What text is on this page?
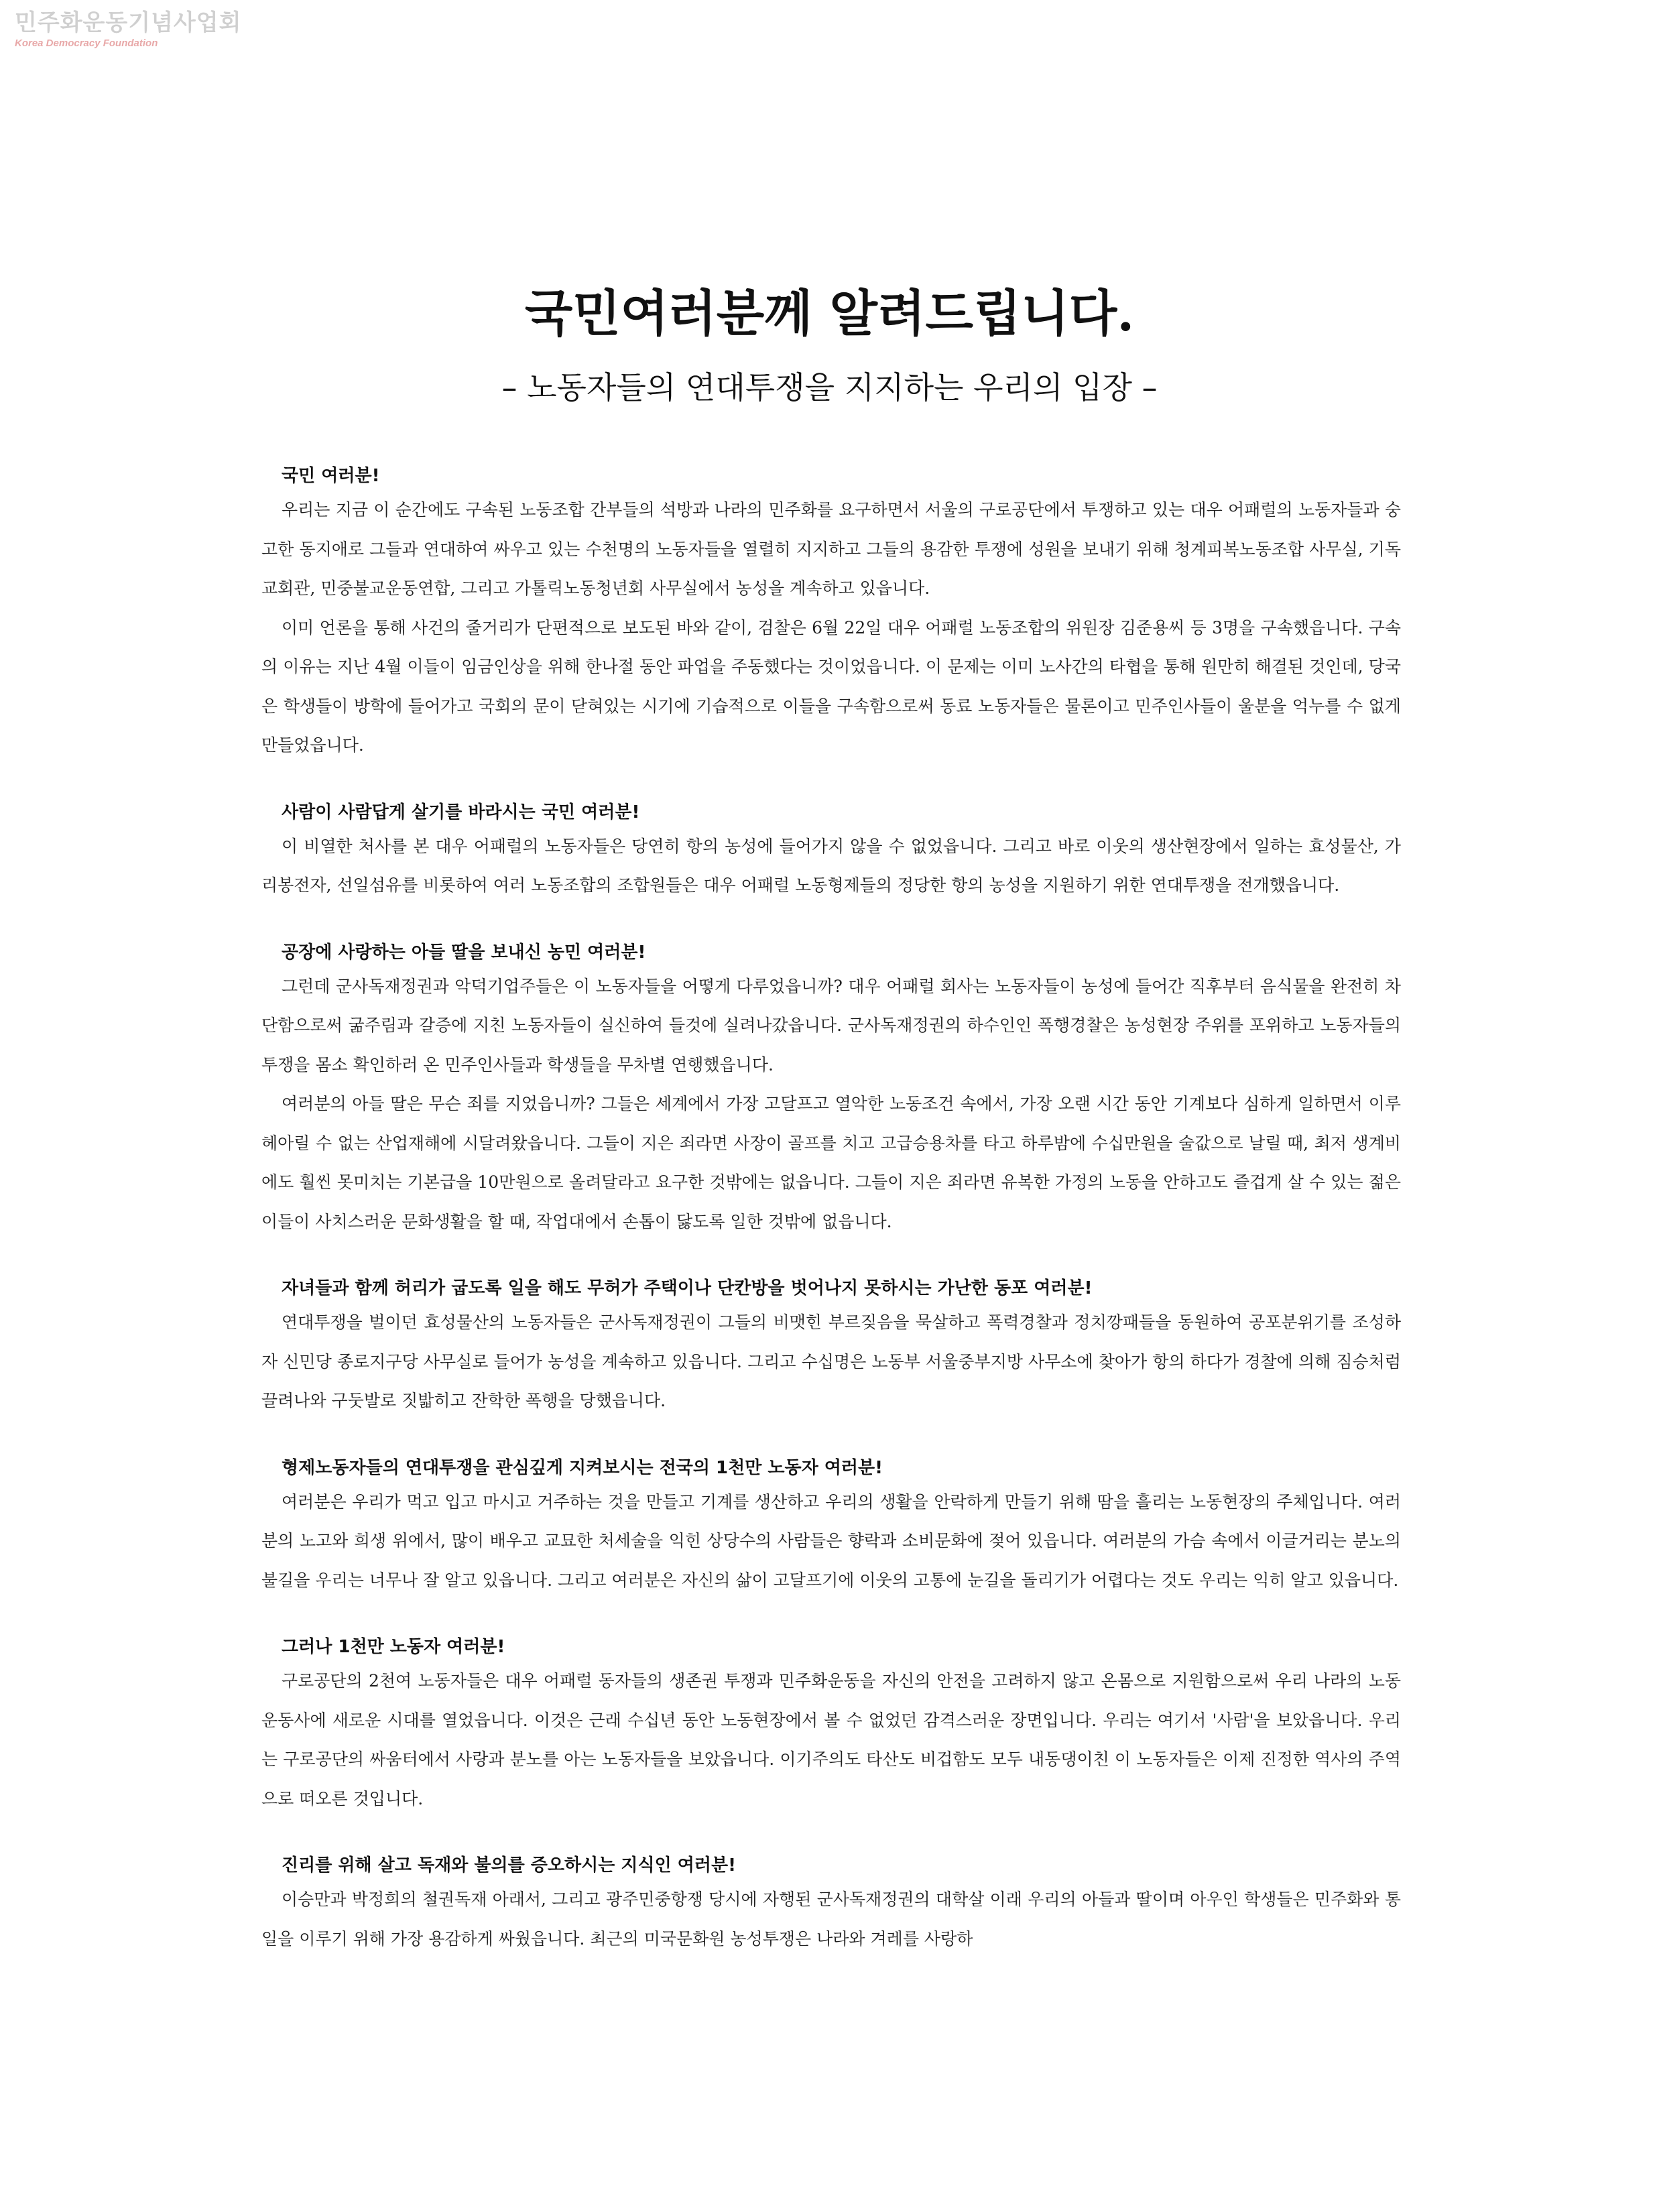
민주화운동기념사업회
Korea Democracy Foundation
국민여러분께 알려드립니다.
– 노동자들의 연대투쟁을 지지하는 우리의 입장 –
국민 여러분!

우리는 지금 이 순간에도 구속된 노동조합 간부들의 석방과 나라의 민주화를 요구하면서 서울의 구로공단에서 투쟁하고 있는 대우 어패럴의 노동자들과 숭고한 동지애로 그들과 연대하여 싸우고 있는 수천명의 노동자들을 열렬히 지지하고 그들의 용감한 투쟁에 성원을 보내기 위해 청계피복노동조합 사무실, 기독교회관, 민중불교운동연합, 그리고 가톨릭노동청년회 사무실에서 농성을 계속하고 있읍니다.

이미 언론을 통해 사건의 줄거리가 단편적으로 보도된 바와 같이, 검찰은 6월 22일 대우 어패럴 노동조합의 위원장 김준용씨 등 3명을 구속했읍니다. 구속의 이유는 지난 4월 이들이 임금인상을 위해 한나절 동안 파업을 주동했다는 것이었읍니다. 이 문제는 이미 노사간의 타협을 통해 원만히 해결된 것인데, 당국은 학생들이 방학에 들어가고 국회의 문이 닫혀있는 시기에 기습적으로 이들을 구속함으로써 동료 노동자들은 물론이고 민주인사들이 울분을 억누를 수 없게 만들었읍니다.

사람이 사람답게 살기를 바라시는 국민 여러분!

이 비열한 처사를 본 대우 어패럴의 노동자들은 당연히 항의 농성에 들어가지 않을 수 없었읍니다. 그리고 바로 이웃의 생산현장에서 일하는 효성물산, 가리봉전자, 선일섬유를 비롯하여 여러 노동조합의 조합원들은 대우 어패럴 노동형제들의 정당한 항의 농성을 지원하기 위한 연대투쟁을 전개했읍니다.

공장에 사랑하는 아들 딸을 보내신 농민 여러분!

그런데 군사독재정권과 악덕기업주들은 이 노동자들을 어떻게 다루었읍니까? 대우 어패럴 회사는 노동자들이 농성에 들어간 직후부터 음식물을 완전히 차단함으로써 굶주림과 갈증에 지친 노동자들이 실신하여 들것에 실려나갔읍니다. 군사독재정권의 하수인인 폭행경찰은 농성현장 주위를 포위하고 노동자들의 투쟁을 몸소 확인하러 온 민주인사들과 학생들을 무차별 연행했읍니다.

여러분의 아들 딸은 무슨 죄를 지었읍니까? 그들은 세계에서 가장 고달프고 열악한 노동조건 속에서, 가장 오랜 시간 동안 기계보다 심하게 일하면서 이루 헤아릴 수 없는 산업재해에 시달려왔읍니다. 그들이 지은 죄라면 사장이 골프를 치고 고급승용차를 타고 하루밤에 수십만원을 술값으로 날릴 때, 최저 생계비에도 훨씬 못미치는 기본급을 10만원으로 올려달라고 요구한 것밖에는 없읍니다. 그들이 지은 죄라면 유복한 가정의 노동을 안하고도 즐겁게 살 수 있는 젊은이들이 사치스러운 문화생활을 할 때, 작업대에서 손톱이 닳도록 일한 것밖에 없읍니다.

자녀들과 함께 허리가 굽도록 일을 해도 무허가 주택이나 단칸방을 벗어나지 못하시는 가난한 동포 여러분!

연대투쟁을 벌이던 효성물산의 노동자들은 군사독재정권이 그들의 비맷힌 부르짖음을 묵살하고 폭력경찰과 정치깡패들을 동원하여 공포분위기를 조성하자 신민당 종로지구당 사무실로 들어가 농성을 계속하고 있읍니다. 그리고 수십명은 노동부 서울중부지방 사무소에 찾아가 항의 하다가 경찰에 의해 짐승처럼 끌려나와 구둣발로 짓밟히고 잔학한 폭행을 당했읍니다.

형제노동자들의 연대투쟁을 관심깊게 지켜보시는 전국의 1천만 노동자 여러분!

여러분은 우리가 먹고 입고 마시고 거주하는 것을 만들고 기계를 생산하고 우리의 생활을 안락하게 만들기 위해 땀을 흘리는 노동현장의 주체입니다. 여러분의 노고와 희생 위에서, 많이 배우고 교묘한 처세술을 익힌 상당수의 사람들은 향락과 소비문화에 젖어 있읍니다. 여러분의 가슴 속에서 이글거리는 분노의 불길을 우리는 너무나 잘 알고 있읍니다. 그리고 여러분은 자신의 삶이 고달프기에 이웃의 고통에 눈길을 돌리기가 어렵다는 것도 우리는 익히 알고 있읍니다.

그러나 1천만 노동자 여러분!

구로공단의 2천여 노동자들은 대우 어패럴 동자들의 생존권 투쟁과 민주화운동을 자신의 안전을 고려하지 않고 온몸으로 지원함으로써 우리 나라의 노동운동사에 새로운 시대를 열었읍니다. 이것은 근래 수십년 동안 노동현장에서 볼 수 없었던 감격스러운 장면입니다. 우리는 여기서 '사람'을 보았읍니다. 우리는 구로공단의 싸움터에서 사랑과 분노를 아는 노동자들을 보았읍니다. 이기주의도 타산도 비겁함도 모두 내동댕이친 이 노동자들은 이제 진정한 역사의 주역으로 떠오른 것입니다.

진리를 위해 살고 독재와 불의를 증오하시는 지식인 여러분!

이승만과 박정희의 철권독재 아래서, 그리고 광주민중항쟁 당시에 자행된 군사독재정권의 대학살 이래 우리의 아들과 딸이며 아우인 학생들은 민주화와 통일을 이루기 위해 가장 용감하게 싸웠읍니다. 최근의 미국문화원 농성투쟁은 나라와 겨레를 사랑하
